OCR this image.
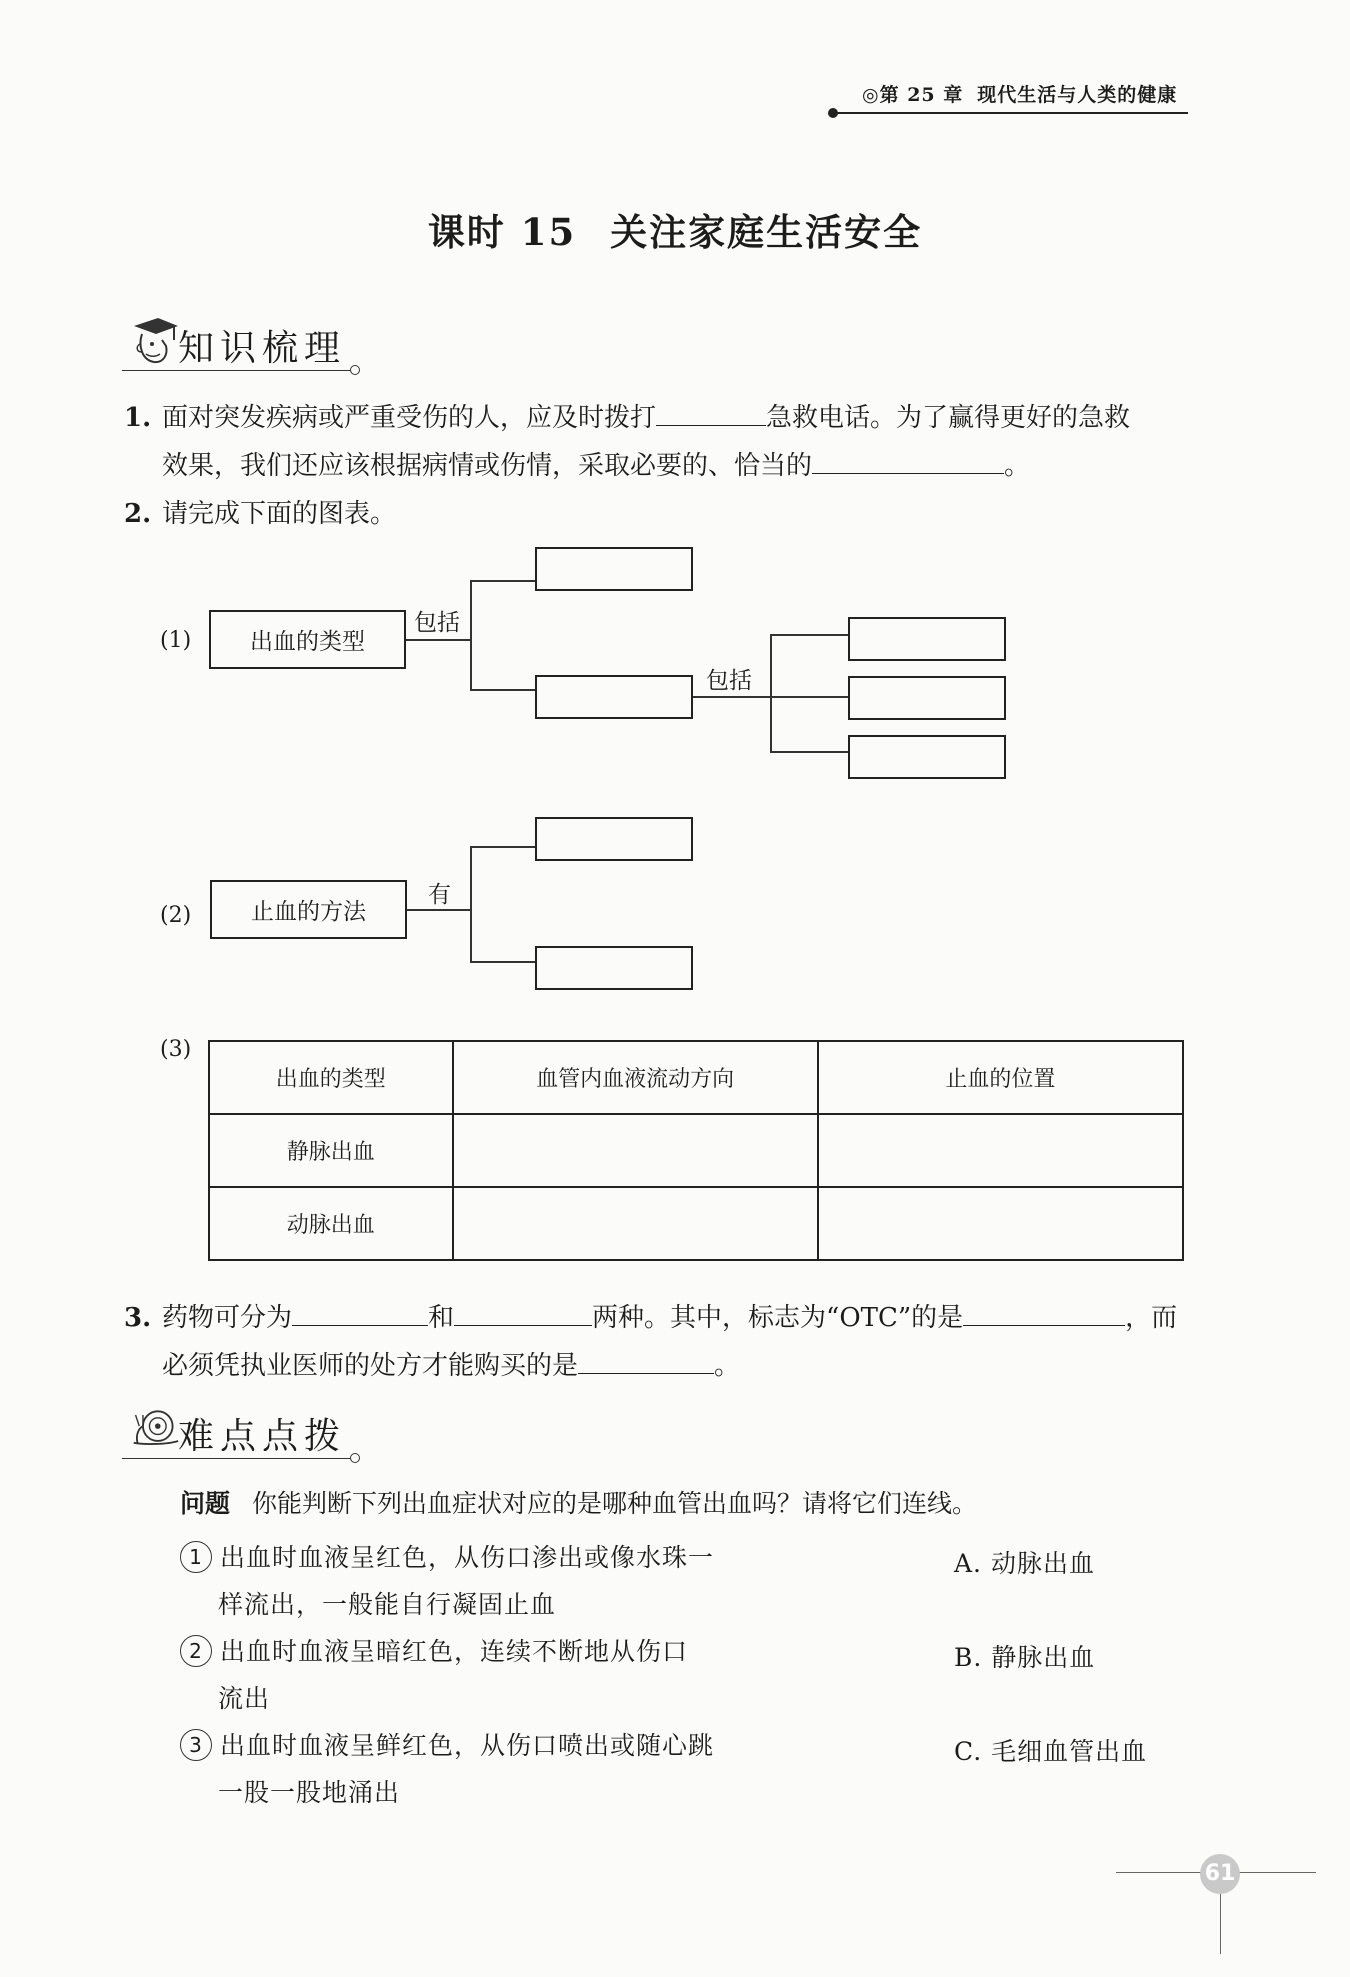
◎第 25 章 现代生活与人类的健康
课时 15 关注家庭生活安全
知识梳理
1. 面对突发疾病或严重受伤的人，应及时拨打	急救电话。为了赢得更好的急救
效果，我们还应该根据病情或伤情，采取必要的、恰当的	。
2. 请完成下面的图表。
(1)	出血的类型
包括
包括
(2)	止血的方法
有
(3)
出血的类型	血管内血液流动方向	止血的位置
静脉出血		
动脉出血		
3. 药物可分为	和	两种。其中，标志为“OTC”的是	，而
必须凭执业医师的处方才能购买的是	。
难点点拨
问题 你能判断下列出血症状对应的是哪种血管出血吗？请将它们连线。
1 出血时血液呈红色，从伤口渗出或像水珠一
样流出，一般能自行凝固止血
2 出血时血液呈暗红色，连续不断地从伤口
流出
3 出血时血液呈鲜红色，从伤口喷出或随心跳
一股一股地涌出
A. 动脉出血
B. 静脉出血
C. 毛细血管出血
61
